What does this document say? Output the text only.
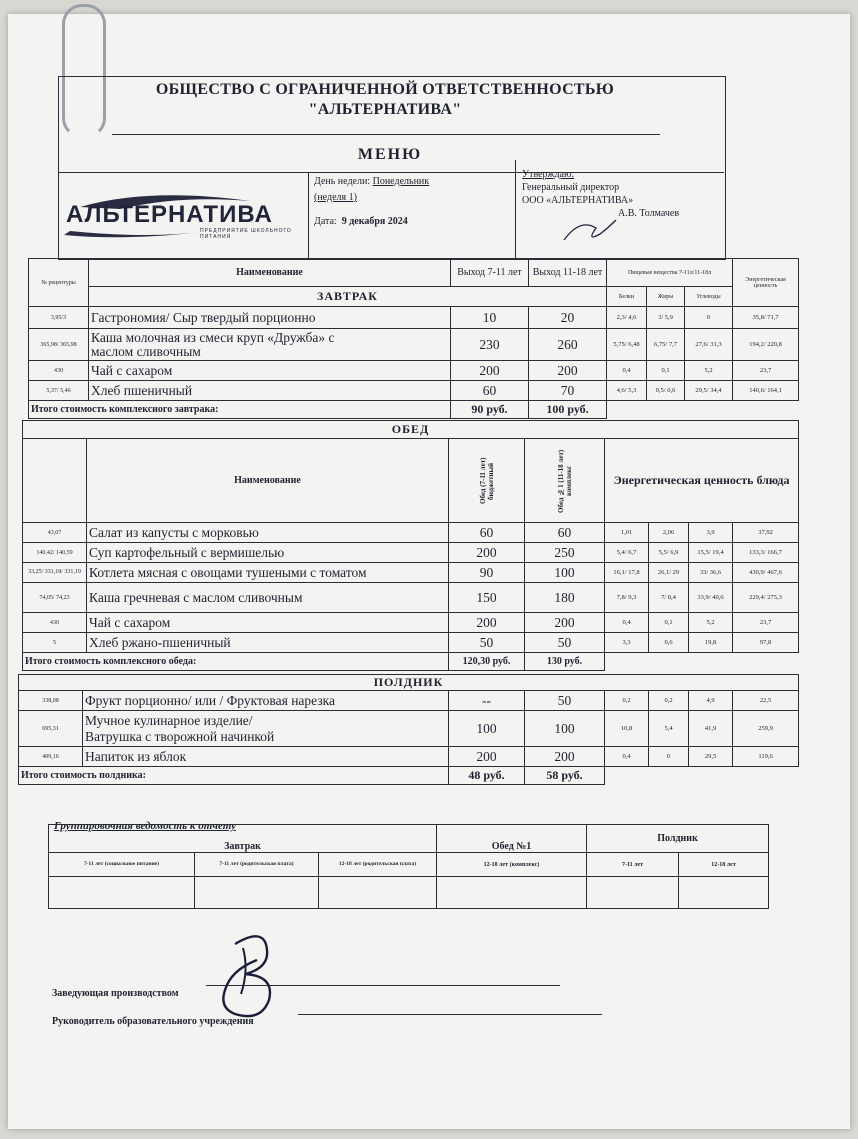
ОБЩЕСТВО С ОГРАНИЧЕННОЙ ОТВЕТСТВЕННОСТЬЮ
"АЛЬТЕРНАТИВА"
МЕНЮ
АЛЬТЕРНАТИВА
ПРЕДПРИЯТИЕ ШКОЛЬНОГО ПИТАНИЯ
День недели: Понедельник
(неделя 1)
Дата: 9 декабря 2024
Утверждаю:
Генеральный директор
ООО «АЛЬТЕРНАТИВА»
А.В. Толмачев
№ рецептуры	Наименование	Выход 7-11 лет	Выход 11-18 лет	Пищевые вещества 7-11л/11-18л			Энергетическая ценность
	ЗАВТРАК			Белки	Жиры	Углеводы	
3,95/3	Гастрономия/ Сыр твердый порционно	10	20	2,3/ 4,6	3/ 5,9	0	35,8/ 71,7
365,98/ 365,98	Каша молочная из смеси круп «Дружба» с
маслом сливочным	230	260	5,75/ 6,48	6,75/ 7,7	27,6/ 31,3	194,2/ 220,8
430	Чай с сахаром	200	200	0,4	0,1	5,2	23,7
5,37/ 5,46	Хлеб пшеничный	60	70	4,6/ 5,3	0,5/ 0,6	29,5/ 34,4	140,6/ 164,1
Итого стоимость комплексного завтрака:		90 руб.	100 руб.				
ОБЕД							
	Наименование	Обед (7-11 лет) бюджетный	Обед №1 (11-18 лет) комплекс	Энергетическая ценность блюда			
43,07	Салат из капусты с морковью	60	60	1,01	2,06	3,9	37,92
140,42/ 140,59	Суп картофельный с вермишелью	200	250	5,4/ 6,7	5,5/ 6,9	15,5/ 19,4	133,3/ 166,7
33,25/ 331,18/ 331,19	Котлета мясная с овощами тушеными с томатом	90	100	16,1/ 17,8	26,1/ 29	33/ 36,6	430,9/ 467,6
74,05/ 74,23	Каша гречневая с маслом сливочным	150	180	7,8/ 9,3	7/ 8,4	33,9/ 40,6	229,4/ 275,3
430	Чай с сахаром	200	200	0,4	0,1	5,2	23,7
5	Хлеб ржано-пшеничный	50	50	3,3	0,6	19,8	97,8
Итого стоимость комплексного обеда:		120,30 руб.	130 руб.				
ПОЛДНИК							
338,08	Фрукт порционно/ или / Фруктовая нарезка	--	50	0,2	0,2	4,9	22,5
695,31	Мучное кулинарное изделие/
Ватрушка с творожной начинкой	100	100	10,8	5,4	41,9	259,9
409,16	Напиток из яблок	200	200	0,4	0	29,5	119,6
Итого стоимость полдника:		48 руб.	58 руб.				
Группировочная ведомость к отчету
Завтрак			Обед №1	Полдник	
7-11 лет (социальное питание)	7-11 лет (родительская плата)	12-18 лет (родительская плата)	12-18 лет (комплекс)	7-11 лет	12-18 лет

Заведующая производством
Руководитель образовательного учреждения
